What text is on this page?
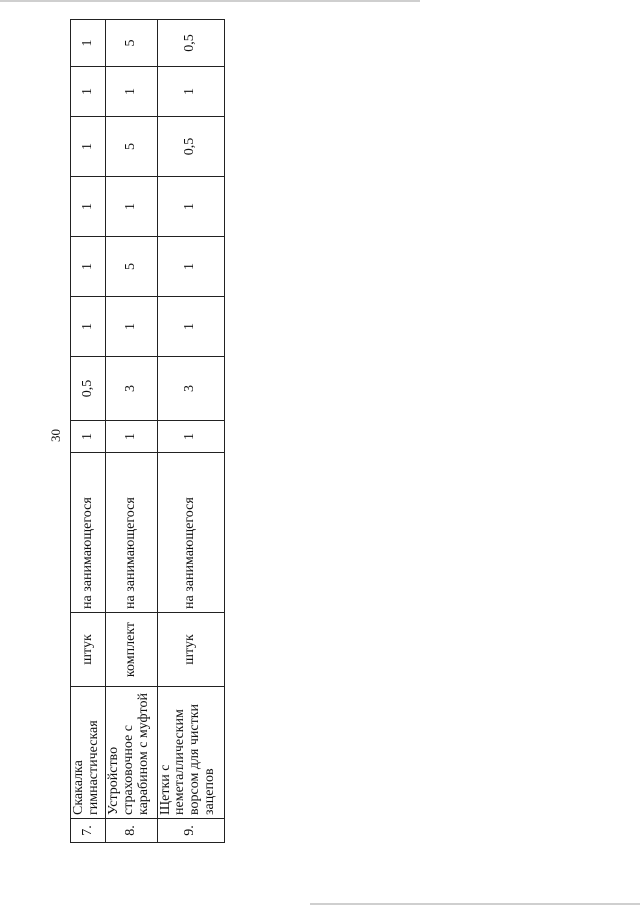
30
7.	Скакалка гимнастическая	штук	на занимающегося	1	0,5	1	1	1	1	1	1
8.	Устройство страховочное с карабином с муфтой	комплект	на занимающегося	1	3	1	5	1	5	1	5
9.	Щетки с неметаллическим ворсом для чистки зацепов	штук	на занимающегося	1	3	1	1	1	0,5	1	0,5
